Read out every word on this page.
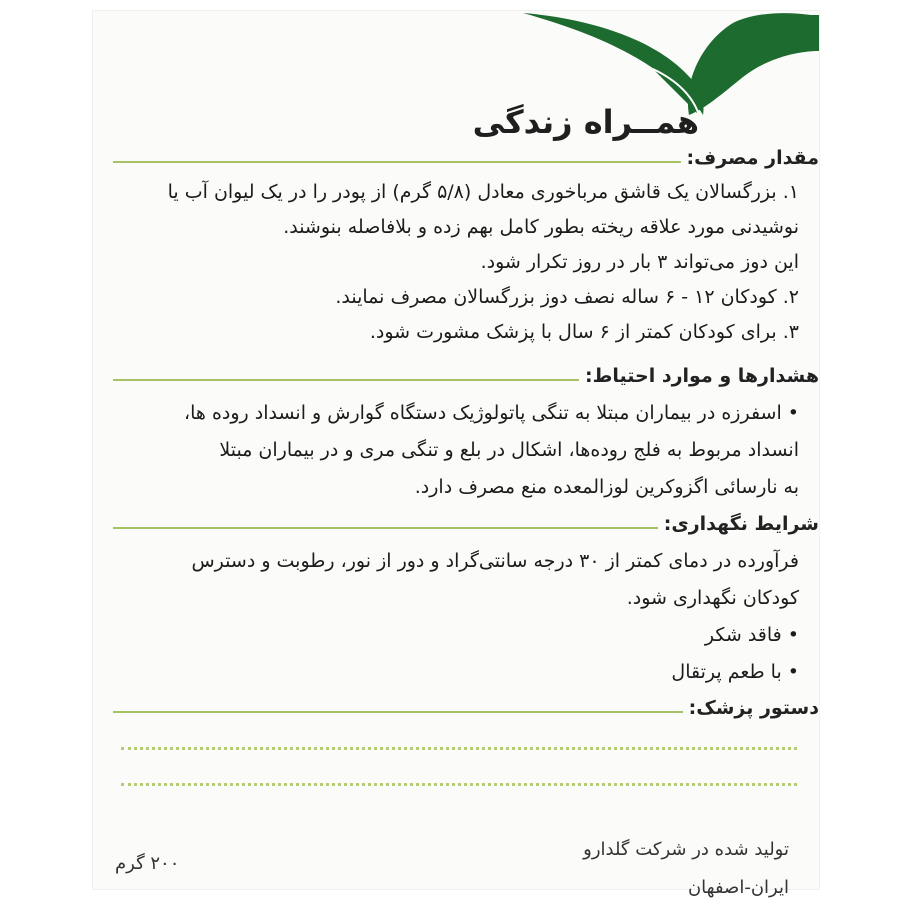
همــراه زندگی
مقدار مصرف:
۱. بزرگسالان یک قاشق مرباخوری معادل (۵/۸ گرم) از پودر را در یک لیوان آب یا
نوشیدنی مورد علاقه ریخته بطور کامل بهم زده و بلافاصله بنوشند.
این دوز می‌تواند ۳ بار در روز تکرار شود.
۲. کودکان ۱۲ - ۶ ساله نصف دوز بزرگسالان مصرف نمایند.
۳. برای کودکان کمتر از ۶ سال با پزشک مشورت شود.
هشدارها و موارد احتیاط:
• اسفرزه در بیماران مبتلا به تنگی پاتولوژیک دستگاه گوارش و انسداد روده ها،
انسداد مربوط به فلج روده‌ها، اشکال در بلع و تنگی مری و در بیماران مبتلا
به نارسائی اگزوکرین لوزالمعده منع مصرف دارد.
شرایط نگهداری:
فرآورده در دمای کمتر از ۳۰ درجه سانتی‌گراد و دور از نور، رطوبت و دسترس
کودکان نگهداری شود.
• فاقد شکر
• با طعم پرتقال
دستور پزشک:
تولید شده در شرکت گلدارو
ایران-اصفهان
۲۰۰ گرم
